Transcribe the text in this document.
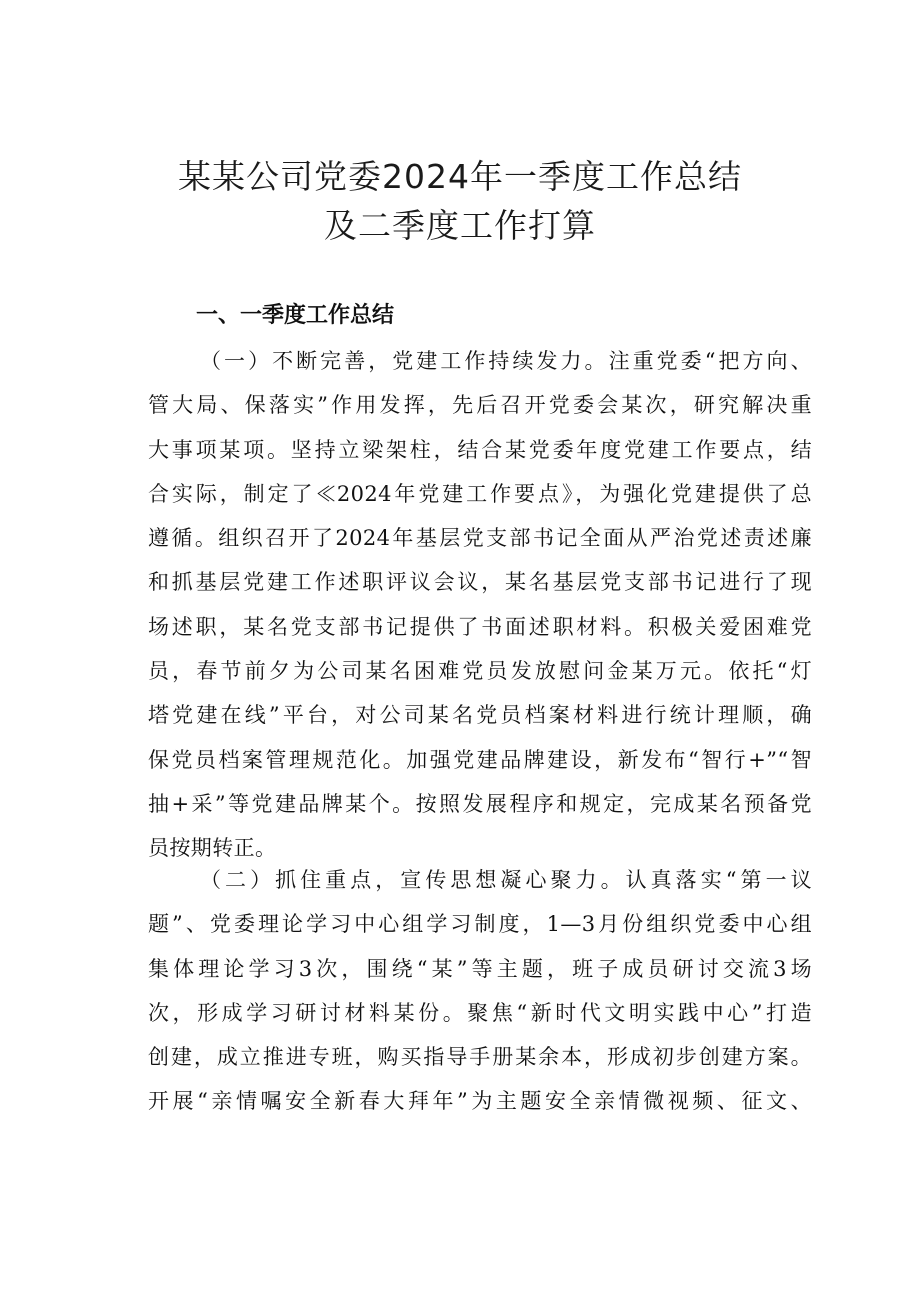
某某公司党委2024年一季度工作总结
及二季度工作打算
一、一季度工作总结
（一）不断完善，党建工作持续发力。注重党委“把方向、
管大局、保落实”作用发挥，先后召开党委会某次，研究解决重
大事项某项。坚持立梁架柱，结合某党委年度党建工作要点，结
合实际，制定了≪2024年党建工作要点》，为强化党建提供了总
遵循。组织召开了2024年基层党支部书记全面从严治党述责述廉
和抓基层党建工作述职评议会议，某名基层党支部书记进行了现
场述职，某名党支部书记提供了书面述职材料。积极关爱困难党
员，春节前夕为公司某名困难党员发放慰问金某万元。依托“灯
塔党建在线”平台，对公司某名党员档案材料进行统计理顺，确
保党员档案管理规范化。加强党建品牌建设，新发布“智行+”“智
抽+采”等党建品牌某个。按照发展程序和规定，完成某名预备党
员按期转正。
（二）抓住重点，宣传思想凝心聚力。认真落实“第一议
题”、党委理论学习中心组学习制度，1—3月份组织党委中心组
集体理论学习3次，围绕“某”等主题，班子成员研讨交流3场
次，形成学习研讨材料某份。聚焦“新时代文明实践中心”打造
创建，成立推进专班，购买指导手册某余本，形成初步创建方案。
开展“亲情嘱安全新春大拜年”为主题安全亲情微视频、征文、
